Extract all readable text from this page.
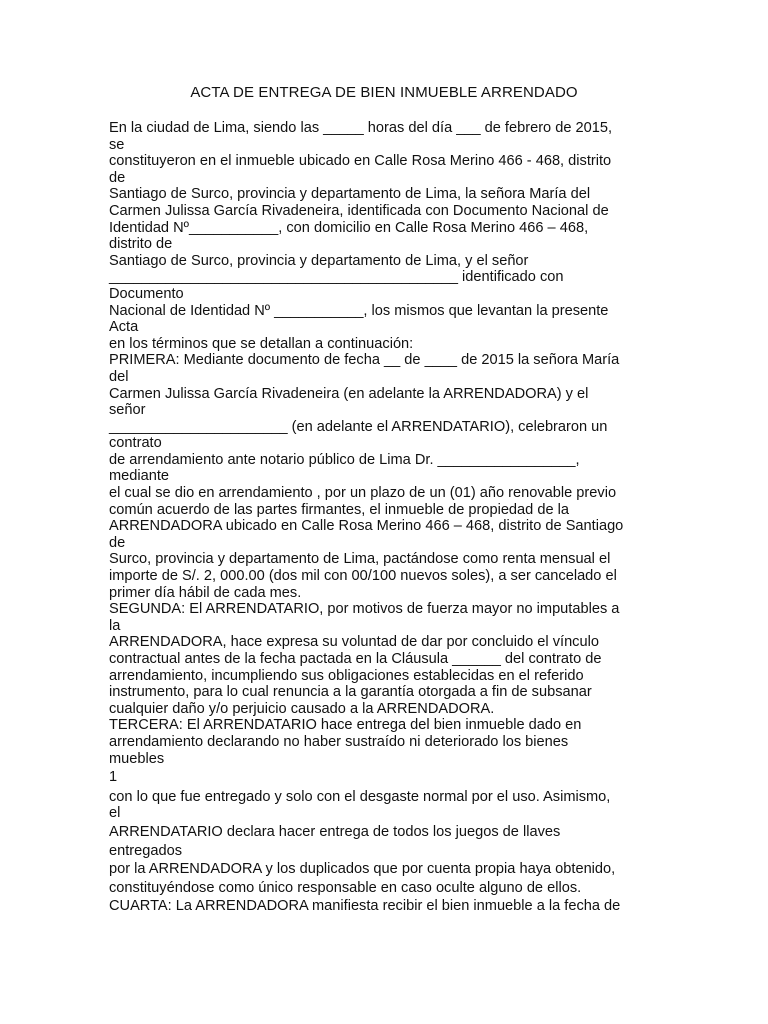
ACTA DE ENTREGA DE BIEN INMUEBLE ARRENDADO
En la ciudad de Lima, siendo las _____ horas del día ___ de febrero de 2015,
se
constituyeron en el inmueble ubicado en Calle Rosa Merino 466 - 468, distrito
de
Santiago de Surco, provincia y departamento de Lima, la señora María del
Carmen Julissa García Rivadeneira, identificada con Documento Nacional de
Identidad Nº___________, con domicilio en Calle Rosa Merino 466 – 468,
distrito de
Santiago de Surco, provincia y departamento de Lima, y el señor
___________________________________________ identificado con
Documento
Nacional de Identidad Nº ___________, los mismos que levantan la presente
Acta
en los términos que se detallan a continuación:
PRIMERA: Mediante documento de fecha __ de ____ de 2015 la señora María
del
Carmen Julissa García Rivadeneira (en adelante la ARRENDADORA) y el
señor
______________________ (en adelante el ARRENDATARIO), celebraron un
contrato
de arrendamiento ante notario público de Lima Dr. _________________,
mediante
el cual se dio en arrendamiento , por un plazo de un (01) año renovable previo
común acuerdo de las partes firmantes, el inmueble de propiedad de la
ARRENDADORA ubicado en Calle Rosa Merino 466 – 468, distrito de Santiago
de
Surco, provincia y departamento de Lima, pactándose como renta mensual el
importe de S/. 2, 000.00 (dos mil con 00/100 nuevos soles), a ser cancelado el
primer día hábil de cada mes.
SEGUNDA: El ARRENDATARIO, por motivos de fuerza mayor no imputables a
la
ARRENDADORA, hace expresa su voluntad de dar por concluido el vínculo
contractual antes de la fecha pactada en la Cláusula ______ del contrato de
arrendamiento, incumpliendo sus obligaciones establecidas en el referido
instrumento, para lo cual renuncia a la garantía otorgada a fin de subsanar
cualquier daño y/o perjuicio causado a la ARRENDADORA.
TERCERA: El ARRENDATARIO hace entrega del bien inmueble dado en
arrendamiento declarando no haber sustraído ni deteriorado los bienes
muebles
1
con lo que fue entregado y solo con el desgaste normal por el uso. Asimismo,
el
ARRENDATARIO declara hacer entrega de todos los juegos de llaves
entregados
por la ARRENDADORA y los duplicados que por cuenta propia haya obtenido,
constituyéndose como único responsable en caso oculte alguno de ellos.
CUARTA: La ARRENDADORA manifiesta recibir el bien inmueble a la fecha de
